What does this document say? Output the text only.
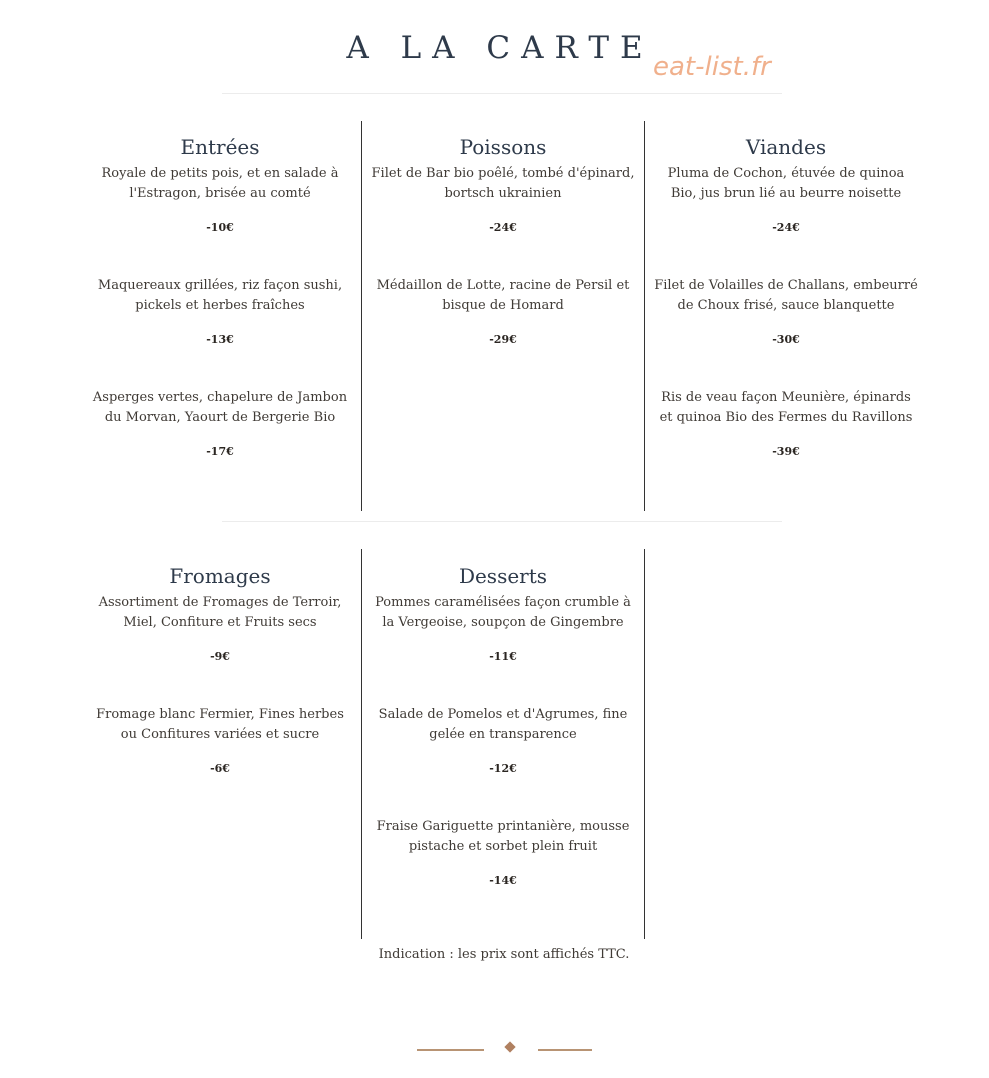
A LA CARTE
eat-list.fr
Entrées
Royale de petits pois, et en salade à l'Estragon, brisée au comté
-10€
Maquereaux grillées, riz façon sushi, pickels et herbes fraîches
-13€
Asperges vertes, chapelure de Jambon du Morvan, Yaourt de Bergerie Bio
-17€
Poissons
Filet de Bar bio poêlé, tombé d'épinard, bortsch ukrainien
-24€
Médaillon de Lotte, racine de Persil et bisque de Homard
-29€
Viandes
Pluma de Cochon, étuvée de quinoa Bio, jus brun lié au beurre noisette
-24€
Filet de Volailles de Challans, embeurré de Choux frisé, sauce blanquette
-30€
Ris de veau façon Meunière, épinards et quinoa Bio des Fermes du Ravillons
-39€
Fromages
Assortiment de Fromages de Terroir, Miel, Confiture et Fruits secs
-9€
Fromage blanc Fermier, Fines herbes ou Confitures variées et sucre
-6€
Desserts
Pommes caramélisées façon crumble à la Vergeoise, soupçon de Gingembre
-11€
Salade de Pomelos et d'Agrumes, fine gelée en transparence
-12€
Fraise Gariguette printanière, mousse pistache et sorbet plein fruit
-14€
Indication : les prix sont affichés TTC.
